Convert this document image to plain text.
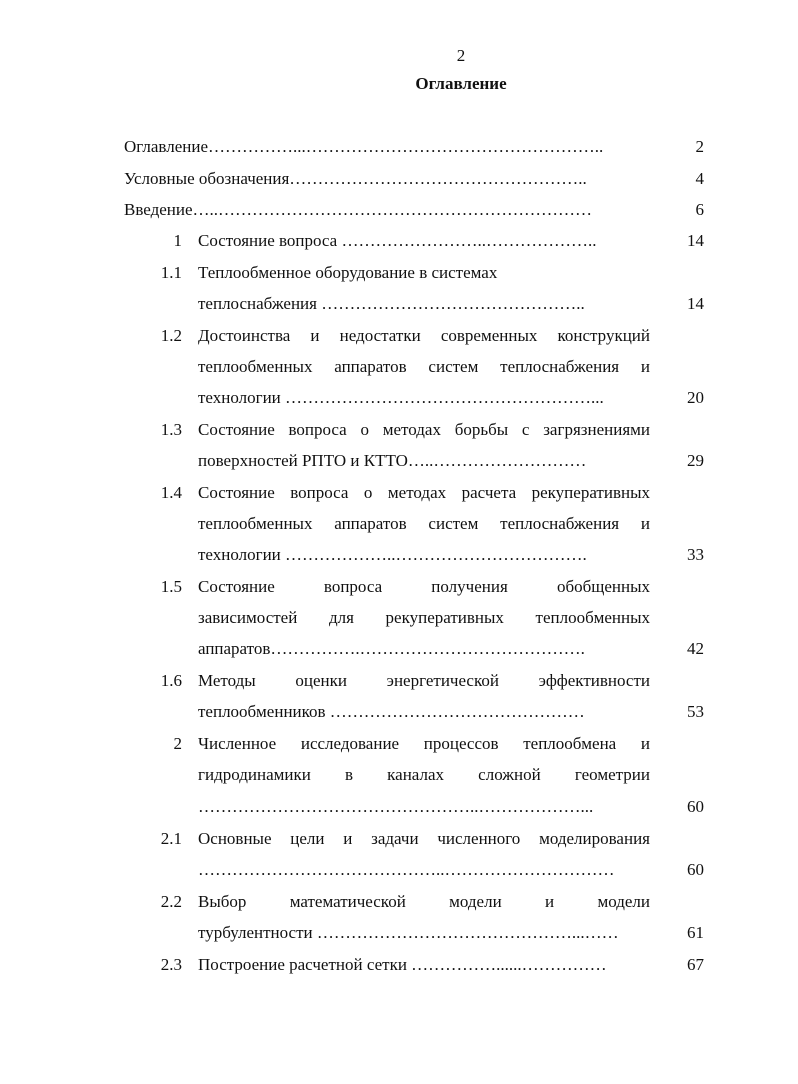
2
Оглавление
Оглавление……………...……………………………………………..	2
Условные обозначения……………………………………………..	4
Введение…..…………………………………………………………	6
1 Состояние вопроса ……………………..………………..	14
1.1 Теплообменное оборудование в системах
теплоснабжения ………………………………………..	14
1.2 Достоинства и недостатки современных конструкций
теплообменных аппаратов систем теплоснабжения и
технологии ………………………………………………...	20
1.3 Состояние вопроса о методах борьбы с загрязнениями
поверхностей РПТО и КТТО…..………………………	29
1.4 Состояние вопроса о методах расчета рекуперативных
теплообменных аппаратов систем теплоснабжения и
технологии ………………..…………………………….	33
1.5 Состояние вопроса получения обобщенных
зависимостей для рекуперативных теплообменных
аппаратов…………….………………………………….	42
1.6 Методы оценки энергетической эффективности
теплообменников ………………………………………	53
2 Численное исследование процессов теплообмена и
гидродинамики в каналах сложной геометрии
…………………………………………..………………...	60
2.1 Основные цели и задачи численного моделирования
……………………………………..…………………………	60
2.2 Выбор математической модели и модели
турбулентности ………………………………………...……	61
2.3 Построение расчетной сетки ……………......……………	67
